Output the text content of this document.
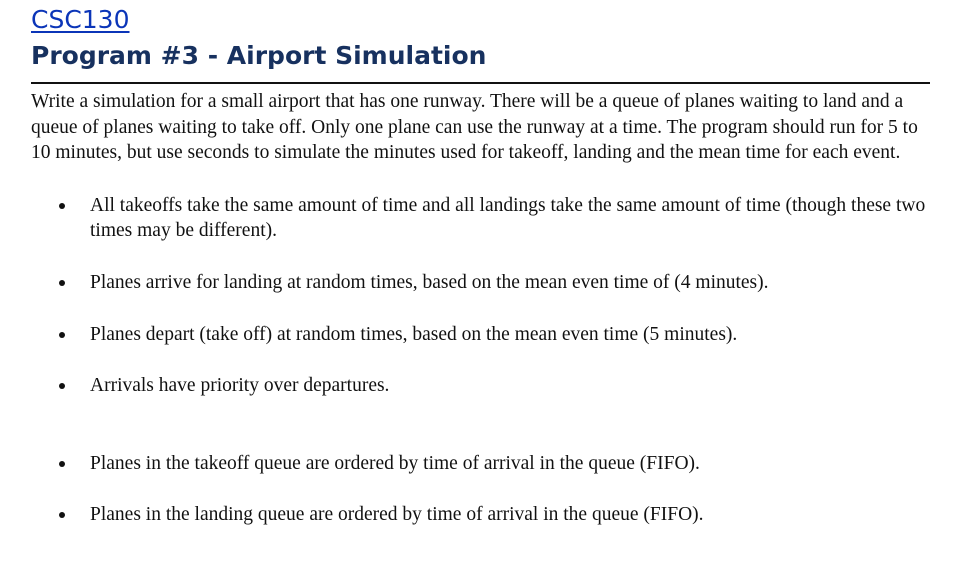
CSC130
Program #3 - Airport Simulation

Write a simulation for a small airport that has one runway. There will be a queue of planes waiting to land and a queue of planes waiting to take off. Only one plane can use the runway at a time. The program should run for 5 to 10 minutes, but use seconds to simulate the minutes used for takeoff, landing and the mean time for each event.

All takeoffs take the same amount of time and all landings take the same amount of time (though these two times may be different).
Planes arrive for landing at random times, based on the mean even time of (4 minutes).
Planes depart (take off) at random times, based on the mean even time (5 minutes).
Arrivals have priority over departures.
Planes in the takeoff queue are ordered by time of arrival in the queue (FIFO).
Planes in the landing queue are ordered by time of arrival in the queue (FIFO).
